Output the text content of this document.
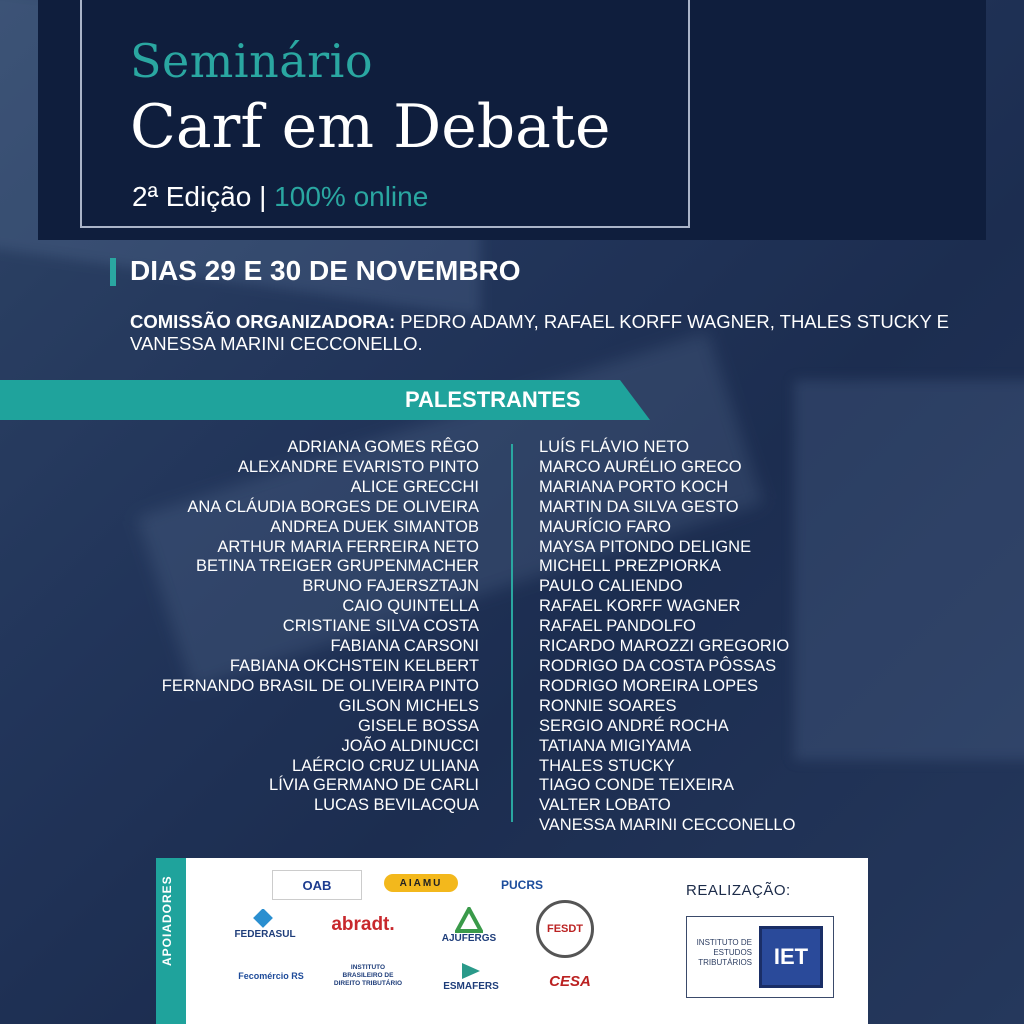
Seminário
Carf em Debate
2ª Edição | 100% online
DIAS 29 E 30 DE NOVEMBRO
COMISSÃO ORGANIZADORA: PEDRO ADAMY, RAFAEL KORFF WAGNER, THALES STUCKY E VANESSA MARINI CECCONELLO.
PALESTRANTES
ADRIANA GOMES RÊGO
ALEXANDRE EVARISTO PINTO
ALICE GRECCHI
ANA CLÁUDIA BORGES DE OLIVEIRA
ANDREA DUEK SIMANTOB
ARTHUR MARIA FERREIRA NETO
BETINA TREIGER GRUPENMACHER
BRUNO FAJERSZTAJN
CAIO QUINTELLA
CRISTIANE SILVA COSTA
FABIANA CARSONI
FABIANA OKCHSTEIN KELBERT
FERNANDO BRASIL DE OLIVEIRA PINTO
GILSON MICHELS
GISELE BOSSA
JOÃO ALDINUCCI
LAÉRCIO CRUZ ULIANA
LÍVIA GERMANO DE CARLI
LUCAS BEVILACQUA
LUÍS FLÁVIO NETO
MARCO AURÉLIO GRECO
MARIANA PORTO KOCH
MARTIN DA SILVA GESTO
MAURÍCIO FARO
MAYSA PITONDO DELIGNE
MICHELL PREZPIORKA
PAULO CALIENDO
RAFAEL KORFF WAGNER
RAFAEL PANDOLFO
RICARDO MAROZZI GREGORIO
RODRIGO DA COSTA PÔSSAS
RODRIGO MOREIRA LOPES
RONNIE SOARES
SERGIO ANDRÉ ROCHA
TATIANA MIGIYAMA
THALES STUCKY
TIAGO CONDE TEIXEIRA
VALTER LOBATO
VANESSA MARINI CECCONELLO
APOIADORES	OAB	AIAMU	PUCRS
FEDERASUL abradt.
AJUFERGS
FESDT
Fecomércio RS
INSTITUTO BRASILEIRO DE DIREITO TRIBUTÁRIO	ESMAFERS	CESA
REALIZAÇÃO:
INSTITUTO DE ESTUDOS TRIBUTÁRIOS IET
